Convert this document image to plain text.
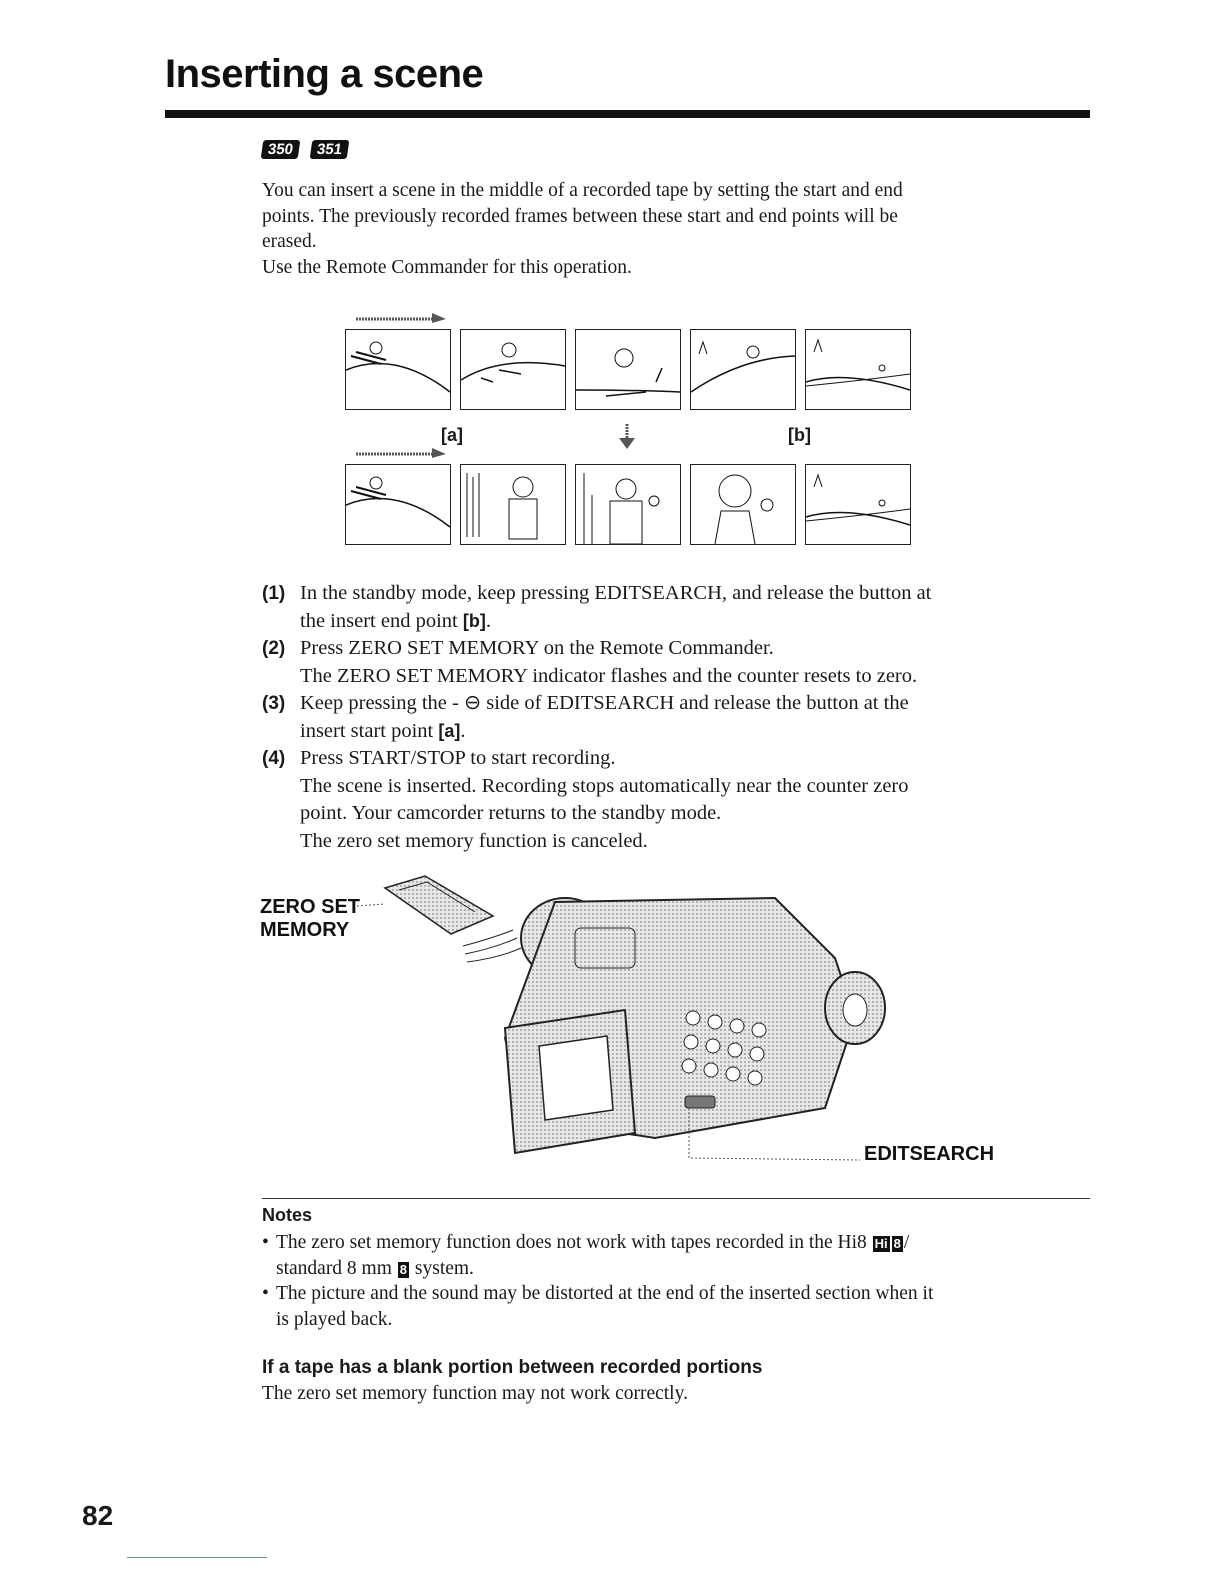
Inserting a scene
350	351

You can insert a scene in the middle of a recorded tape by setting the start and end

points. The previously recorded frames between these start and end points will be

erased.

Use the Remote Commander for this operation.

[a]	[b]
(1) In the standby mode, keep pressing EDITSEARCH, and release the button at

the insert end point [b].

(2) Press ZERO SET MEMORY on the Remote Commander.

The ZERO SET MEMORY indicator flashes and the counter resets to zero.

(3) Keep pressing the - ⊖ side of EDITSEARCH and release the button at the

insert start point [a].

(4) Press START/STOP to start recording.

The scene is inserted. Recording stops automatically near the counter zero

point. Your camcorder returns to the standby mode.

The zero set memory function is canceled.

ZERO SET
MEMORY
EDITSEARCH
Notes
• The zero set memory function does not work with tapes recorded in the Hi8 Hi 8 /
standard 8 mm 8 system.
• The picture and the sound may be distorted at the end of the inserted section when it
is played back.
If a tape has a blank portion between recorded portions
The zero set memory function may not work correctly.
82
